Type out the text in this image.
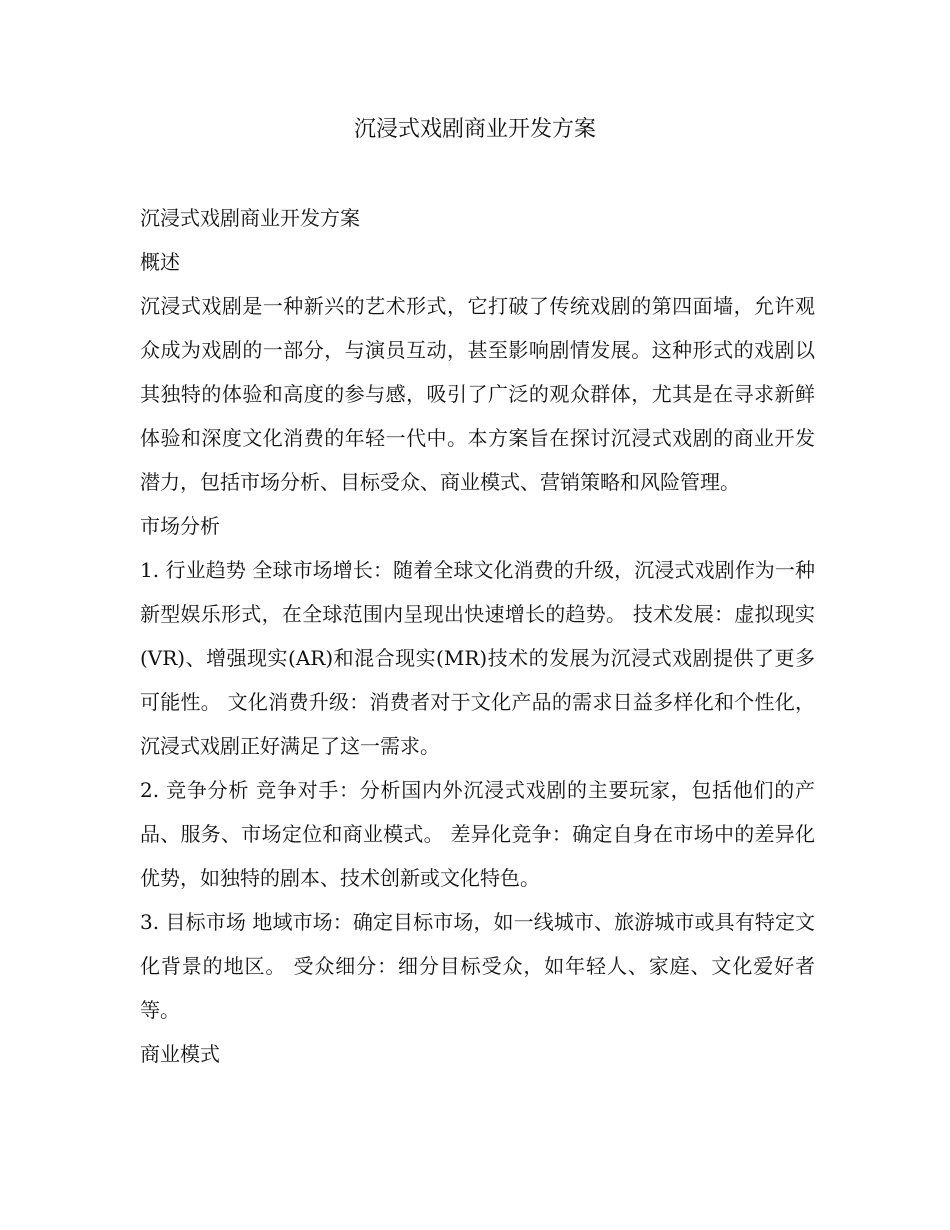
沉浸式戏剧商业开发方案

沉浸式戏剧商业开发方案

概述

沉浸式戏剧是一种新兴的艺术形式，它打破了传统戏剧的第四面墙，允许观众成为戏剧的一部分，与演员互动，甚至影响剧情发展。这种形式的戏剧以其独特的体验和高度的参与感，吸引了广泛的观众群体，尤其是在寻求新鲜体验和深度文化消费的年轻一代中。本方案旨在探讨沉浸式戏剧的商业开发潜力，包括市场分析、目标受众、商业模式、营销策略和风险管理。

市场分析

1. 行业趋势 全球市场增长：随着全球文化消费的升级，沉浸式戏剧作为一种新型娱乐形式，在全球范围内呈现出快速增长的趋势。 技术发展：虚拟现实(VR)、增强现实(AR)和混合现实(MR)技术的发展为沉浸式戏剧提供了更多可能性。 文化消费升级：消费者对于文化产品的需求日益多样化和个性化，沉浸式戏剧正好满足了这一需求。

2. 竞争分析 竞争对手：分析国内外沉浸式戏剧的主要玩家，包括他们的产品、服务、市场定位和商业模式。 差异化竞争：确定自身在市场中的差异化优势，如独特的剧本、技术创新或文化特色。

3. 目标市场 地域市场：确定目标市场，如一线城市、旅游城市或具有特定文化背景的地区。 受众细分：细分目标受众，如年轻人、家庭、文化爱好者等。

商业模式
